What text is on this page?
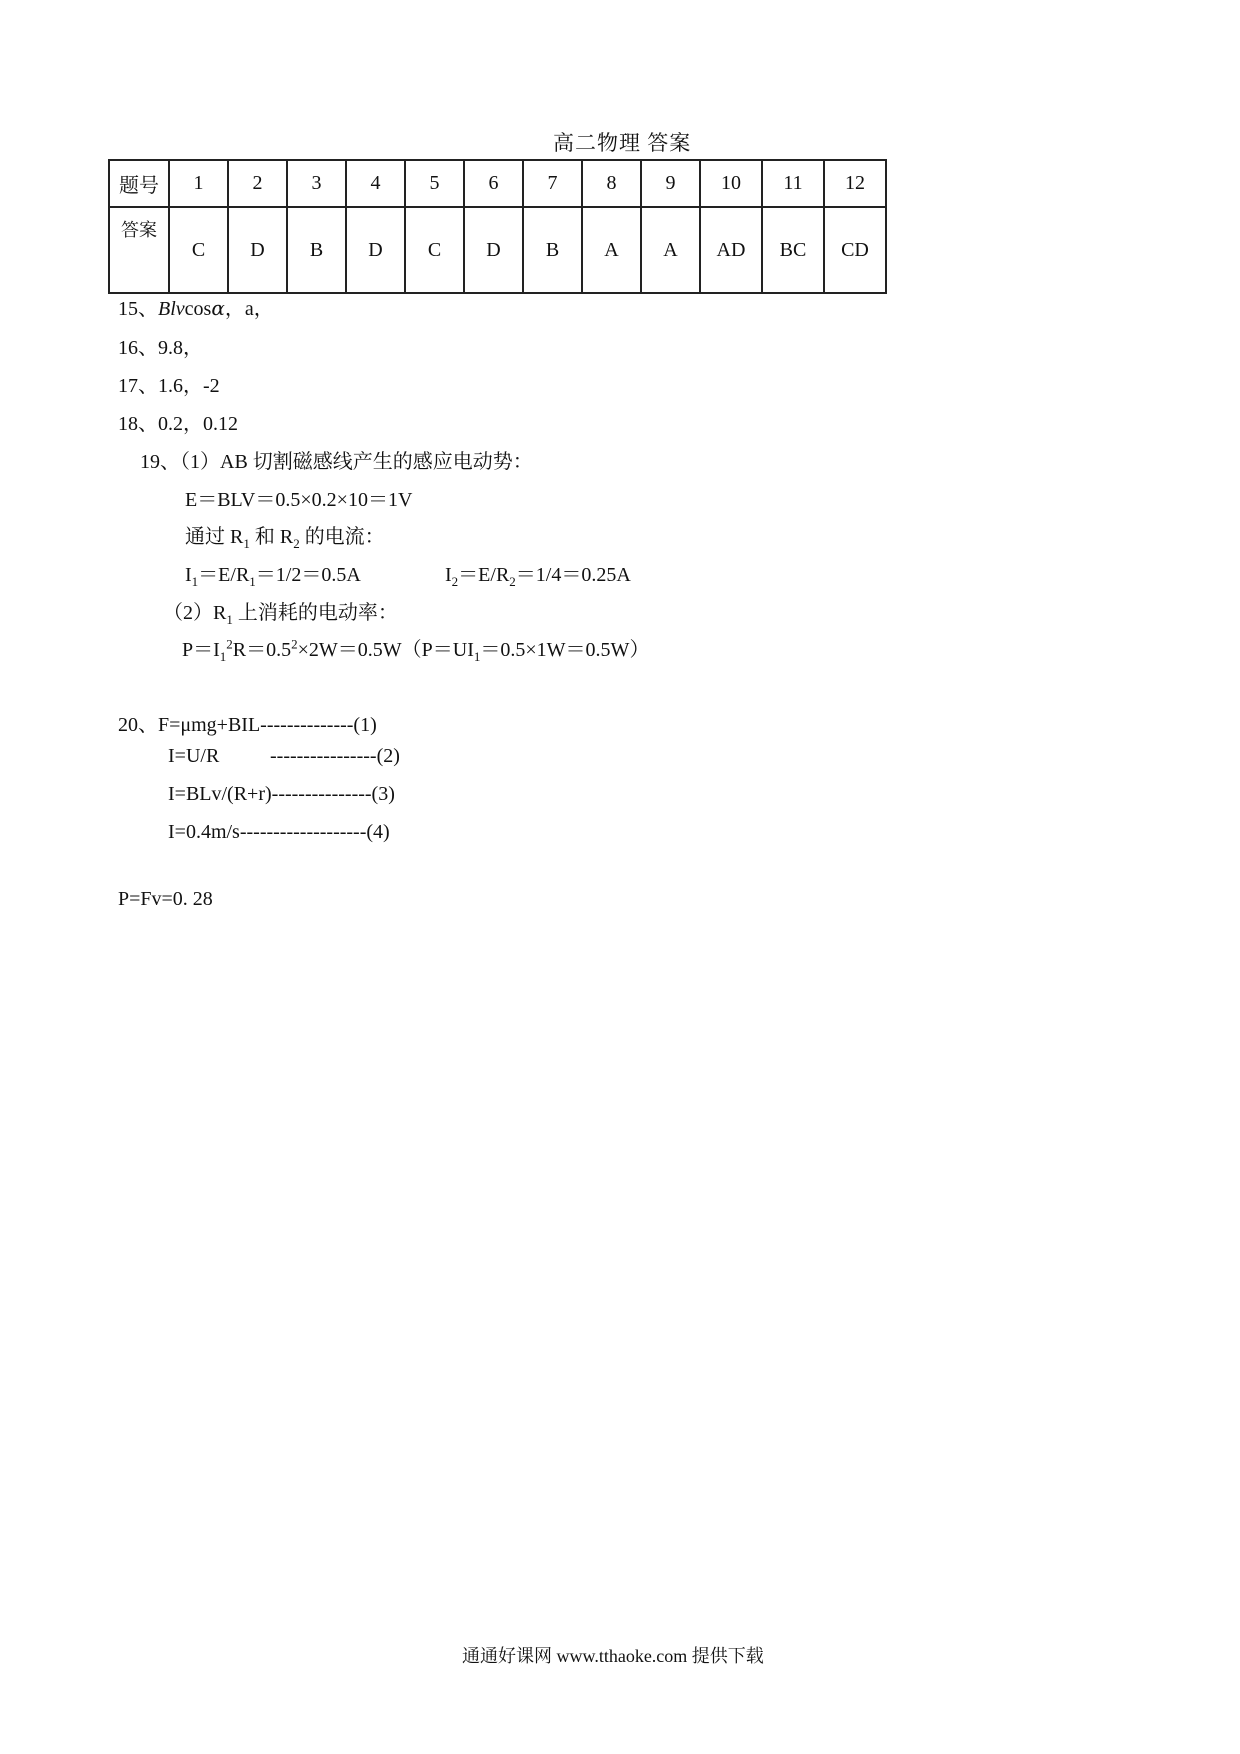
高二物理 答案
题号	1	2	3	4	5	6	7	8	9	10	11	12
答案	C	D	B	D	C	D	B	A	A	AD	BC	CD
15、Blvcosα，a，
16、9.8，
17、1.6，-2
18、0.2，0.12
19、（1）AB 切割磁感线产生的感应电动势：
E＝BLV＝0.5×0.2×10＝1V
通过 $R_1$ 和 $R_2$ 的电流：
$I_1=E/R_1=1/2=0.5A$	$I_2=E/R_2=1/4=0.25A$
$(2)R_1$ 上消耗的电动率：
$P=I_1^2R=0.5^2\times 2W=0.5W(P=UI_1=0.5\times 1W=0.5W)$
20、F=μmg+BIL--------------(1)
I=U/R	----------------(2)
I=BLv/(R+r)---------------(3)
I=0.4m/s-------------------(4)
P=Fv=0. 28
通通好课网 www.tthaoke.com 提供下载
